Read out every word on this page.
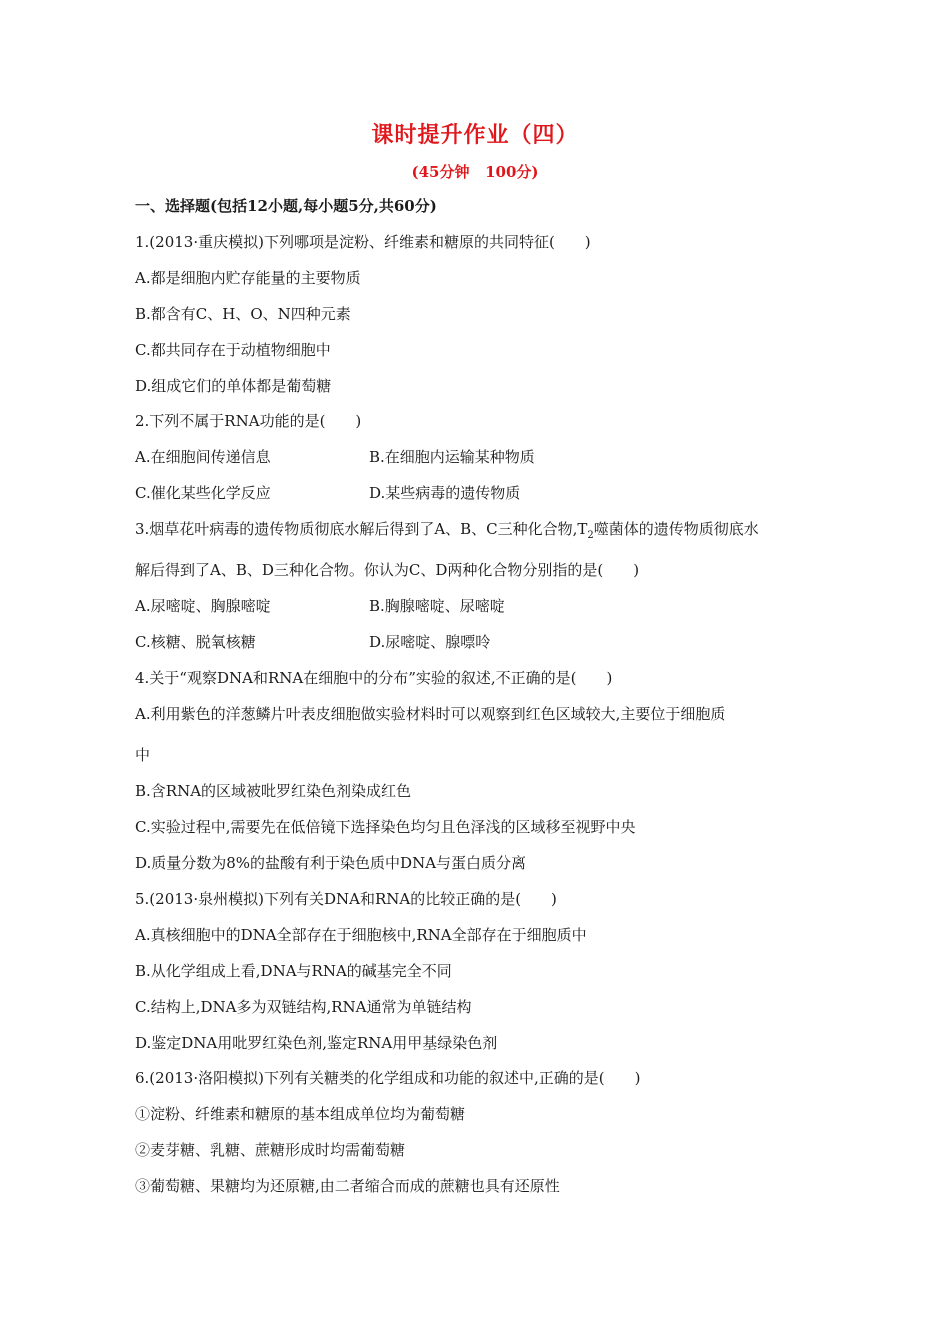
课时提升作业（四）
(45分钟   100分)
一、选择题(包括12小题,每小题5分,共60分)
1.(2013·重庆模拟)下列哪项是淀粉、纤维素和糖原的共同特征(　　)
A.都是细胞内贮存能量的主要物质
B.都含有C、H、O、N四种元素
C.都共同存在于动植物细胞中
D.组成它们的单体都是葡萄糖
2.下列不属于RNA功能的是(　　)
A.在细胞间传递信息	B.在细胞内运输某种物质
C.催化某些化学反应	D.某些病毒的遗传物质
3.烟草花叶病毒的遗传物质彻底水解后得到了A、B、C三种化合物$,T_2$噬菌体的遗传物质彻底水
解后得到了A、B、D三种化合物。你认为C、D两种化合物分别指的是(　　)
A.尿嘧啶、胸腺嘧啶	B.胸腺嘧啶、尿嘧啶
C.核糖、脱氧核糖	D.尿嘧啶、腺嘌呤
4.关于“观察DNA和RNA在细胞中的分布”实验的叙述,不正确的是(　　)
A.利用紫色的洋葱鳞片叶表皮细胞做实验材料时可以观察到红色区域较大,主要位于细胞质
中
B.含RNA的区域被吡罗红染色剂染成红色
C.实验过程中,需要先在低倍镜下选择染色均匀且色泽浅的区域移至视野中央
D.质量分数为8%的盐酸有利于染色质中DNA与蛋白质分离
5.(2013·泉州模拟)下列有关DNA和RNA的比较正确的是(　　)
A.真核细胞中的DNA全部存在于细胞核中,RNA全部存在于细胞质中
B.从化学组成上看,DNA与RNA的碱基完全不同
C.结构上,DNA多为双链结构,RNA通常为单链结构
D.鉴定DNA用吡罗红染色剂,鉴定RNA用甲基绿染色剂
6.(2013·洛阳模拟)下列有关糖类的化学组成和功能的叙述中,正确的是(　　)
①淀粉、纤维素和糖原的基本组成单位均为葡萄糖
②麦芽糖、乳糖、蔗糖形成时均需葡萄糖
③葡萄糖、果糖均为还原糖,由二者缩合而成的蔗糖也具有还原性
